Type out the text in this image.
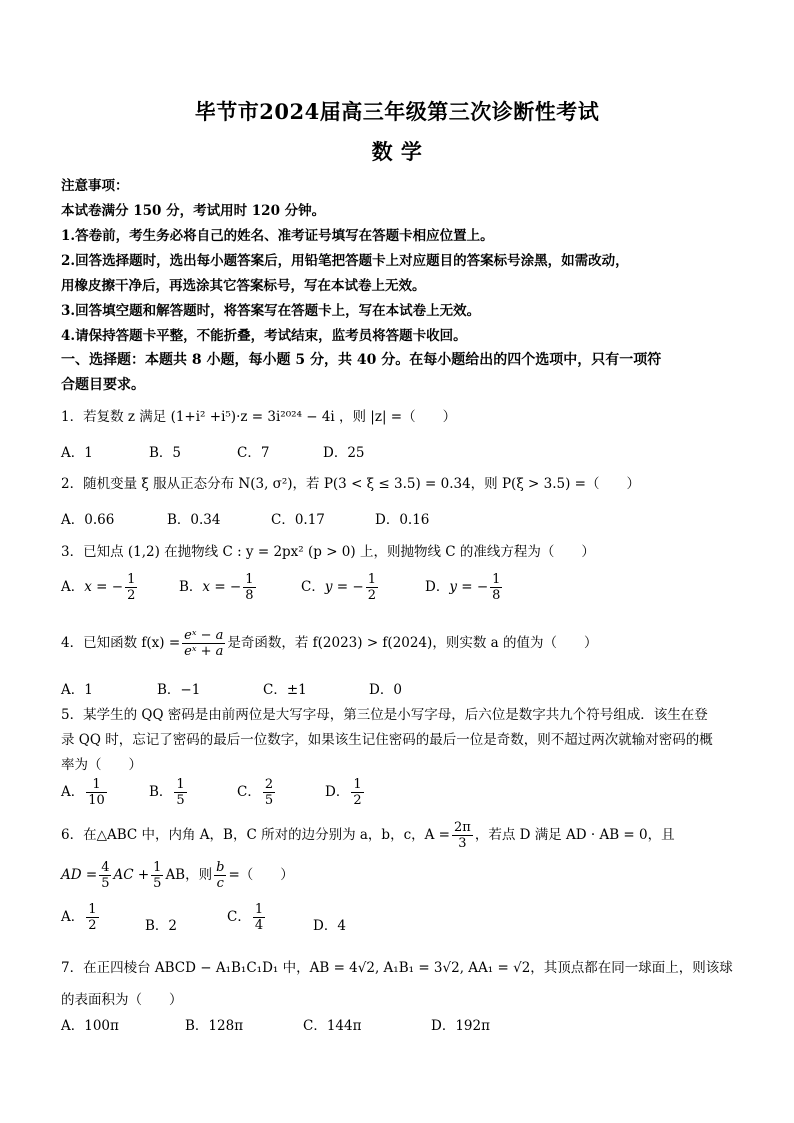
毕节市2024届高三年级第三次诊断性考试
数 学
注意事项：
本试卷满分 150 分，考试用时 120 分钟。
1.答卷前，考生务必将自己的姓名、准考证号填写在答题卡相应位置上。
2.回答选择题时，选出每小题答案后，用铅笔把答题卡上对应题目的答案标号涂黑，如需改动，
用橡皮擦干净后，再选涂其它答案标号，写在本试卷上无效。
3.回答填空题和解答题时，将答案写在答题卡上，写在本试卷上无效。
4.请保持答题卡平整，不能折叠，考试结束，监考员将答题卡收回。
一、选择题：本题共 8 小题，每小题 5 分，共 40 分。在每小题给出的四个选项中，只有一项符
合题目要求。
1．若复数 z 满足 (1+i² +i⁵)·z = 3i²⁰²⁴ − 4i ，则 |z| =（　　）
A．1	B．5	C．7	D．25
2．随机变量 ξ 服从正态分布 N(3, σ²)，若 P(3 < ξ ≤ 3.5) = 0.34，则 P(ξ > 3.5) =（　　）
A．0.66	B．0.34	C．0.17	D．0.16
3．已知点 (1,2) 在抛物线 C : y = 2px² (p > 0) 上，则抛物线 C 的准线方程为（　　）
A．x = − $\frac{1}{2}$	B．x = − $\frac{1}{8}$	C．y = − $\frac{1}{2}$	D．y = − $\frac{1}{8}$
4．已知函数 $f(x) = \frac{\text{eˣ − a}}{\text{eˣ + a}}$ 是奇函数，若 f(2023) > f(2024)，则实数 a 的值为（　　）
A．1	B．−1	C．±1	D．0
5．某学生的 QQ 密码是由前两位是大写字母，第三位是小写字母，后六位是数字共九个符号组成．该生在登
录 QQ 时，忘记了密码的最后一位数字，如果该生记住密码的最后一位是奇数，则不超过两次就输对密码的概
率为（　　）
A． $\frac{1}{10}$	B． $\frac{1}{5}$	C． $\frac{2}{5}$	D． $\frac{1}{2}$
6．在△ABC 中，内角 A，B，C 所对的边分别为 a，b，c，$A = \frac{2\pi}{3}$ ，若点 D 满足 AD · AB = 0，且
AD = $\frac{4}{5}$ AC + $\frac{1}{5}$ AB，则 $\frac{b}{c}$ =（　　）
A． $\frac{1}{2}$	B．2
C． $\frac{1}{4}$	D．4
7．在正四棱台 ABCD − A₁B₁C₁D₁ 中，AB = 4√2, A₁B₁ = 3√2, AA₁ = √2，其顶点都在同一球面上，则该球
的表面积为（　　）
A．100π	B．128π	C．144π	D．192π
